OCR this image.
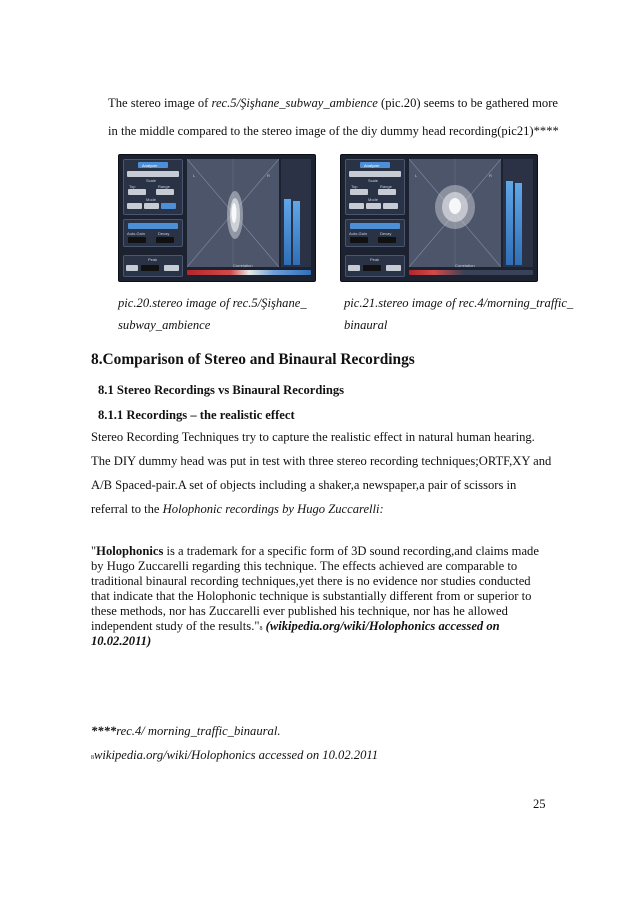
The stereo image of rec.5/Şişhane_subway_ambience (pic.20) seems to be gathered more
in the middle compared to the stereo image of the diy dummy head recording(pic21)****
Analyzer
Scale
Top	Range
Mode
Auto-Gain	Decay
Peak
L	R
Correlation
Analyzer
Scale
Top	Range
Mode
Auto-Gain	Decay
Peak
L	R
Correlation
pic.20.stereo image of rec.5/Şişhane_
subway_ambience
pic.21.stereo image of rec.4/morning_traffic_
binaural
8.Comparison of Stereo and Binaural Recordings
8.1 Stereo Recordings vs Binaural Recordings
8.1.1 Recordings – the realistic effect
Stereo Recording Techniques try to capture the realistic effect in natural human hearing.
The DIY dummy head was put in test with three stereo recording techniques;ORTF,XY and
A/B Spaced-pair.A set of objects including a shaker,a newspaper,a pair of scissors in
referral to the Holophonic recordings by Hugo Zuccarelli:
"Holophonics is a trademark for a specific form of 3D sound recording,and claims made
by Hugo Zuccarelli regarding this technique. The effects achieved are comparable to
traditional binaural recording techniques,yet there is no evidence nor studies conducted
that indicate that the Holophonic technique is substantially different from or superior to
these methods, nor has Zuccarelli ever published his technique, nor has he allowed
independent study of the results."8 (wikipedia.org/wiki/Holophonics accessed on
10.02.2011)
****rec.4/ morning_traffic_binaural.
8wikipedia.org/wiki/Holophonics accessed on 10.02.2011
25
